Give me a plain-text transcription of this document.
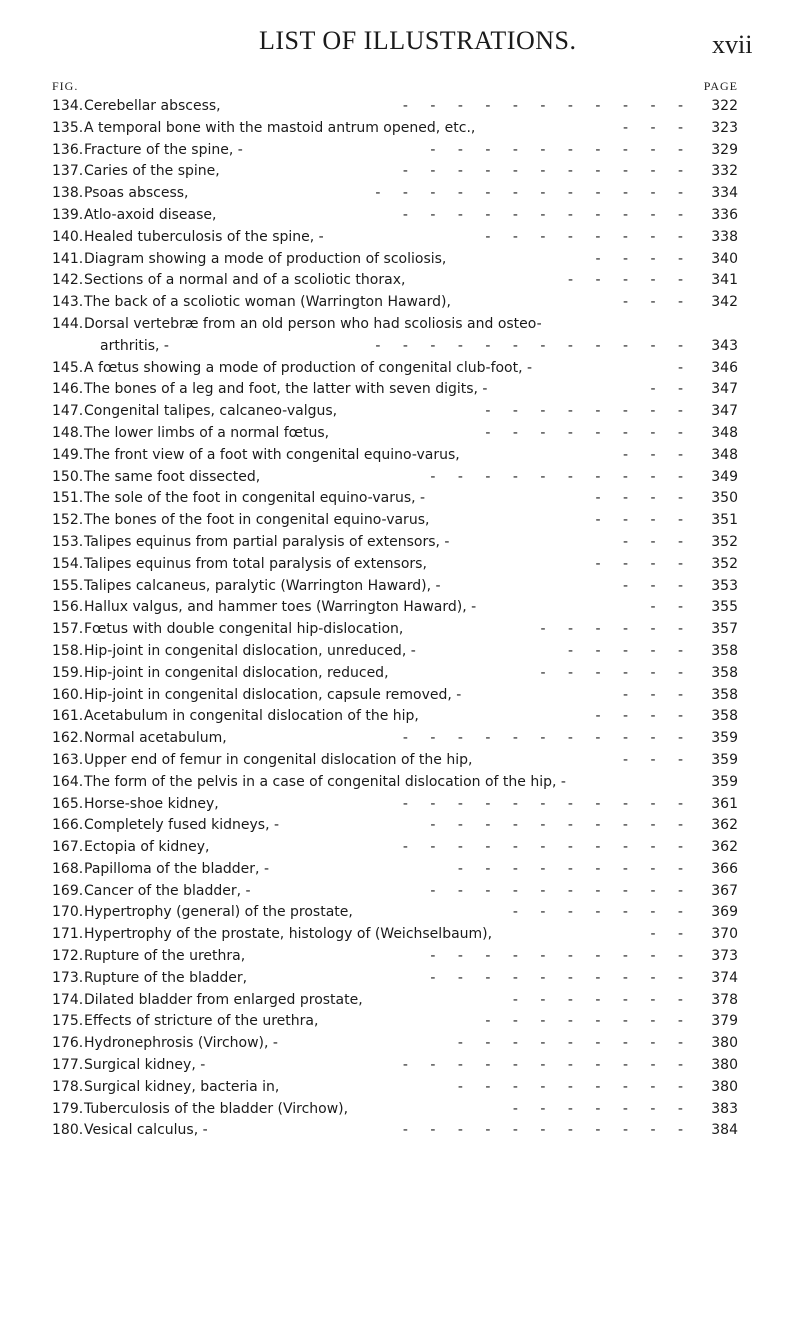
LIST OF ILLUSTRATIONS.	xvii
FIG.	PAGE
134. Cerebellar abscess,	- - - - - - - - - - - 322
135. A temporal bone with the mastoid antrum opened, etc.,	- - - 323
136. Fracture of the spine, -	- - - - - - - - - - 329
137. Caries of the spine,	- - - - - - - - - - - 332
138. Psoas abscess,	- - - - - - - - - - - - 334
139. Atlo-axoid disease,	- - - - - - - - - - - 336
140. Healed tuberculosis of the spine, -	- - - - - - - - 338
141. Diagram showing a mode of production of scoliosis,	- - - - 340
142. Sections of a normal and of a scoliotic thorax,	- - - - - 341
143. The back of a scoliotic woman (Warrington Haward),	- - - 342
144. Dorsal vertebræ from an old person who had scoliosis and osteo-
arthritis, -	- - - - - - - - - - - - 343
145. A fœtus showing a mode of production of congenital club-foot, -	- 346
146. The bones of a leg and foot, the latter with seven digits, -	- - 347
147. Congenital talipes, calcaneo-valgus,	- - - - - - - - 347
148. The lower limbs of a normal fœtus,	- - - - - - - - 348
149. The front view of a foot with congenital equino-varus,	- - - 348
150. The same foot dissected,	- - - - - - - - - - 349
151. The sole of the foot in congenital equino-varus, -	- - - - 350
152. The bones of the foot in congenital equino-varus,	- - - - 351
153. Talipes equinus from partial paralysis of extensors, -	- - - 352
154. Talipes equinus from total paralysis of extensors,	- - - - 352
155. Talipes calcaneus, paralytic (Warrington Haward), -	- - - 353
156. Hallux valgus, and hammer toes (Warrington Haward), -	- - 355
157. Fœtus with double congenital hip-dislocation,	- - - - - - 357
158. Hip-joint in congenital dislocation, unreduced, -	- - - - - 358
159. Hip-joint in congenital dislocation, reduced,	- - - - - - 358
160. Hip-joint in congenital dislocation, capsule removed, -	- - - 358
161. Acetabulum in congenital dislocation of the hip,	- - - - 358
162. Normal acetabulum,	- - - - - - - - - - - 359
163. Upper end of femur in congenital dislocation of the hip,	- - - 359
164. The form of the pelvis in a case of congenital dislocation of the hip, -	359
165. Horse-shoe kidney,	- - - - - - - - - - - 361
166. Completely fused kidneys, -	- - - - - - - - - - 362
167. Ectopia of kidney,	- - - - - - - - - - - 362
168. Papilloma of the bladder, -	- - - - - - - - - 366
169. Cancer of the bladder, -	- - - - - - - - - - 367
170. Hypertrophy (general) of the prostate,	- - - - - - - 369
171. Hypertrophy of the prostate, histology of (Weichselbaum),	- - 370
172. Rupture of the urethra,	- - - - - - - - - - 373
173. Rupture of the bladder,	- - - - - - - - - - 374
174. Dilated bladder from enlarged prostate,	- - - - - - - 378
175. Effects of stricture of the urethra,	- - - - - - - - 379
176. Hydronephrosis (Virchow), -	- - - - - - - - - 380
177. Surgical kidney, -	- - - - - - - - - - - 380
178. Surgical kidney, bacteria in,	- - - - - - - - - 380
179. Tuberculosis of the bladder (Virchow),	- - - - - - - 383
180. Vesical calculus, -	- - - - - - - - - - - 384
